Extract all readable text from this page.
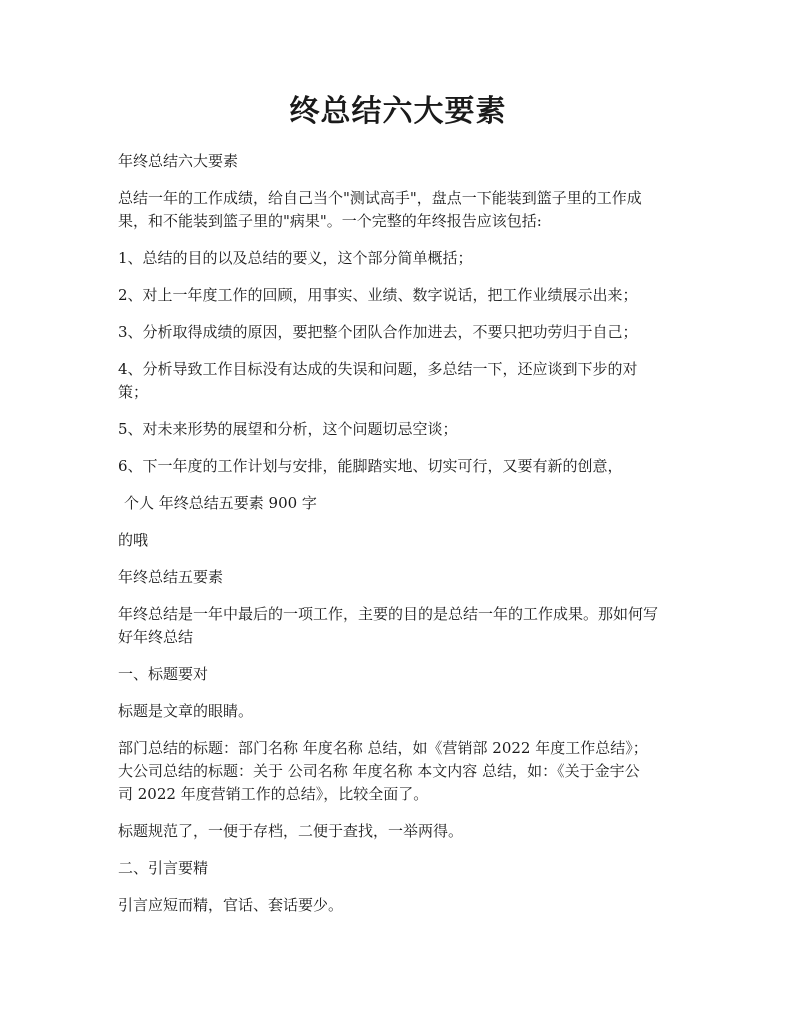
终总结六大要素

年终总结六大要素

总结一年的工作成绩，给自己当个"测试高手"，盘点一下能装到篮子里的工作成
果，和不能装到篮子里的"病果"。一个完整的年终报告应该包括:

1、总结的目的以及总结的要义，这个部分简单概括；

2、对上一年度工作的回顾，用事实、业绩、数字说话，把工作业绩展示出来；

3、分析取得成绩的原因，要把整个团队合作加进去，不要只把功劳归于自己；

4、分析导致工作目标没有达成的失误和问题，多总结一下，还应谈到下步的对
策；

5、对未来形势的展望和分析，这个问题切忌空谈；

6、下一年度的工作计划与安排，能脚踏实地、切实可行，又要有新的创意，

个人 年终总结五要素 900 字

的哦

年终总结五要素

年终总结是一年中最后的一项工作，主要的目的是总结一年的工作成果。那如何写
好年终总结

一、标题要对

标题是文章的眼睛。

部门总结的标题：部门名称 年度名称 总结，如《营销部 2022 年度工作总结》；
大公司总结的标题：关于 公司名称 年度名称 本文内容 总结，如：《关于金宇公
司 2022 年度营销工作的总结》，比较全面了。

标题规范了，一便于存档，二便于查找，一举两得。

二、引言要精

引言应短而精，官话、套话要少。
